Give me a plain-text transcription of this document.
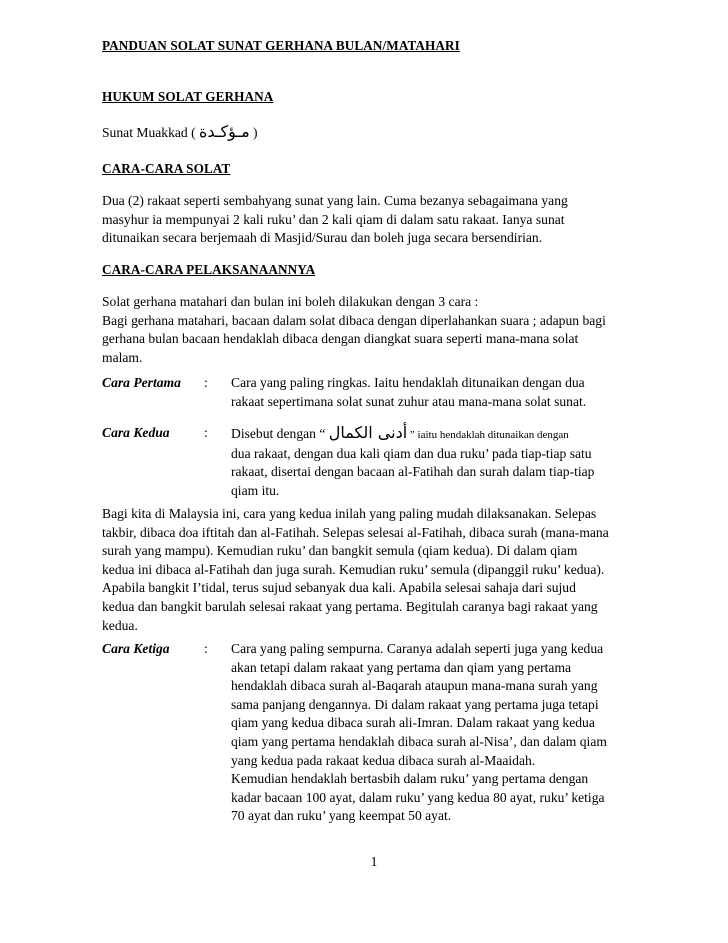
PANDUAN SOLAT SUNAT GERHANA BULAN/MATAHARI
HUKUM SOLAT GERHANA
Sunat Muakkad ( مـؤكـدة )
CARA-CARA SOLAT
Dua (2) rakaat seperti sembahyang sunat yang lain. Cuma bezanya sebagaimana yang
masyhur ia mempunyai 2 kali ruku’ dan 2 kali qiam di dalam satu rakaat. Ianya sunat
ditunaikan secara berjemaah di Masjid/Surau dan boleh juga secara bersendirian.
CARA-CARA PELAKSANAANNYA
Solat gerhana matahari dan bulan ini boleh dilakukan dengan 3 cara :
Bagi gerhana matahari, bacaan dalam solat dibaca dengan diperlahankan suara ; adapun bagi
gerhana bulan bacaan hendaklah dibaca dengan diangkat suara seperti mana-mana solat
malam.
Cara Pertama : Cara yang paling ringkas. Iaitu hendaklah ditunaikan dengan dua
rakaat sepertimana solat sunat zuhur atau mana-mana solat sunat.
Cara Kedua	: Disebut dengan “ أدنى الكمال ” iaitu hendaklah ditunaikan dengan
dua rakaat, dengan dua kali qiam dan dua ruku’ pada tiap-tiap satu
rakaat, disertai dengan bacaan al-Fatihah dan surah dalam tiap-tiap
qiam itu.
Bagi kita di Malaysia ini, cara yang kedua inilah yang paling mudah dilaksanakan. Selepas
takbir, dibaca doa iftitah dan al-Fatihah. Selepas selesai al-Fatihah, dibaca surah (mana-mana
surah yang mampu). Kemudian ruku’ dan bangkit semula (qiam kedua). Di dalam qiam
kedua ini dibaca al-Fatihah dan juga surah. Kemudian ruku’ semula (dipanggil ruku’ kedua).
Apabila bangkit I’tidal, terus sujud sebanyak dua kali. Apabila selesai sahaja dari sujud
kedua dan bangkit barulah selesai rakaat yang pertama. Begitulah caranya bagi rakaat yang
kedua.
Cara Ketiga	: Cara yang paling sempurna. Caranya adalah seperti juga yang kedua
akan tetapi dalam rakaat yang pertama dan qiam yang pertama
hendaklah dibaca surah al-Baqarah ataupun mana-mana surah yang
sama panjang dengannya. Di dalam rakaat yang pertama juga tetapi
qiam yang kedua dibaca surah ali-Imran. Dalam rakaat yang kedua
qiam yang pertama hendaklah dibaca surah al-Nisa’, dan dalam qiam
yang kedua pada rakaat kedua dibaca surah al-Maaidah.
Kemudian hendaklah bertasbih dalam ruku’ yang pertama dengan
kadar bacaan 100 ayat, dalam ruku’ yang kedua 80 ayat, ruku’ ketiga
70 ayat dan ruku’ yang keempat 50 ayat.
1
